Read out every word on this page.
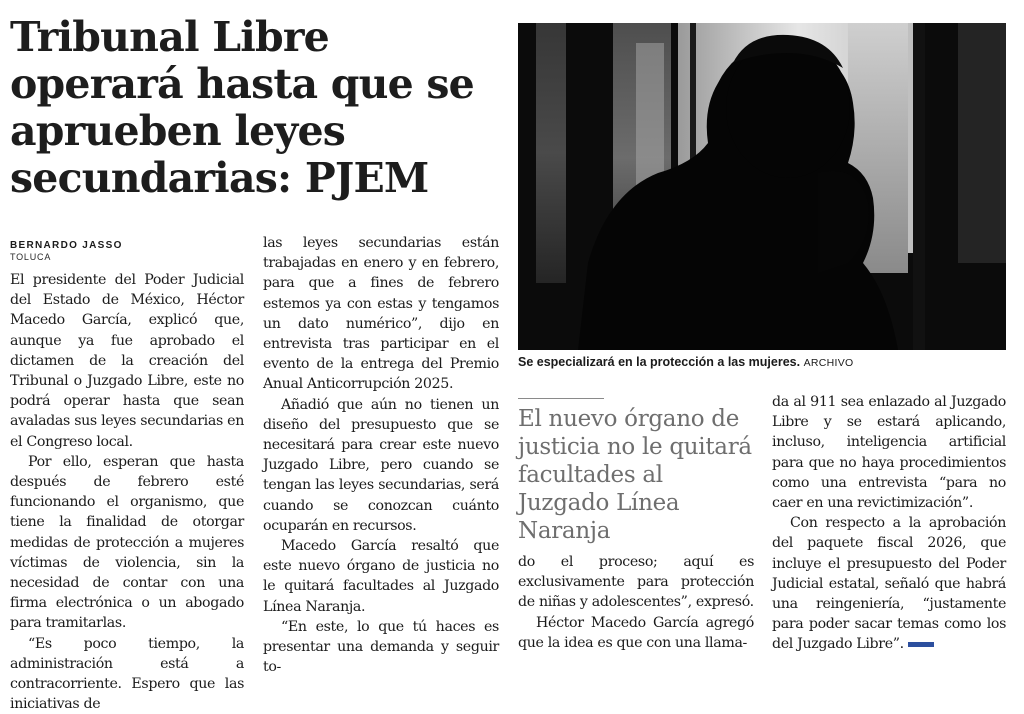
Tribunal Libre operará hasta que se aprueben leyes secundarias: PJEM
Se especializará en la protección a las mujeres. ARCHIVO
BERNARDO JASSO
TOLUCA

El presidente del Poder Judicial del Estado de México, Héctor Macedo García, explicó que, aunque ya fue aprobado el dictamen de la creación del Tribunal o Juzgado Libre, este no podrá operar hasta que sean avaladas sus leyes secundarias en el Congreso local.

Por ello, esperan que hasta después de febrero esté funcionando el organismo, que tiene la finalidad de otorgar medidas de protección a mujeres víctimas de violencia, sin la necesidad de contar con una firma electrónica o un abogado para tramitarlas.

“Es poco tiempo, la administración está a contracorriente. Espero que las iniciativas de

las leyes secundarias están trabajadas en enero y en febrero, para que a fines de febrero estemos ya con estas y tengamos un dato numérico”, dijo en entrevista tras participar en el evento de la entrega del Premio Anual Anticorrupción 2025.

Añadió que aún no tienen un diseño del presupuesto que se necesitará para crear este nuevo Juzgado Libre, pero cuando se tengan las leyes secundarias, será cuando se conozcan cuánto ocuparán en recursos.

Macedo García resaltó que este nuevo órgano de justicia no le quitará facultades al Juzgado Línea Naranja.

“En este, lo que tú haces es presentar una demanda y seguir to-

El nuevo órgano de justicia no le quitará facultades al Juzgado Línea Naranja

do el proceso; aquí es exclusivamente para protección de niñas y adolescentes”, expresó.

Héctor Macedo García agregó que la idea es que con una llama-

da al 911 sea enlazado al Juzgado Libre y se estará aplicando, incluso, inteligencia artificial para que no haya procedimientos como una entrevista “para no caer en una revictimización”.

Con respecto a la aprobación del paquete fiscal 2026, que incluye el presupuesto del Poder Judicial estatal, señaló que habrá una reingeniería, “justamente para poder sacar temas como los del Juzgado Libre”.
